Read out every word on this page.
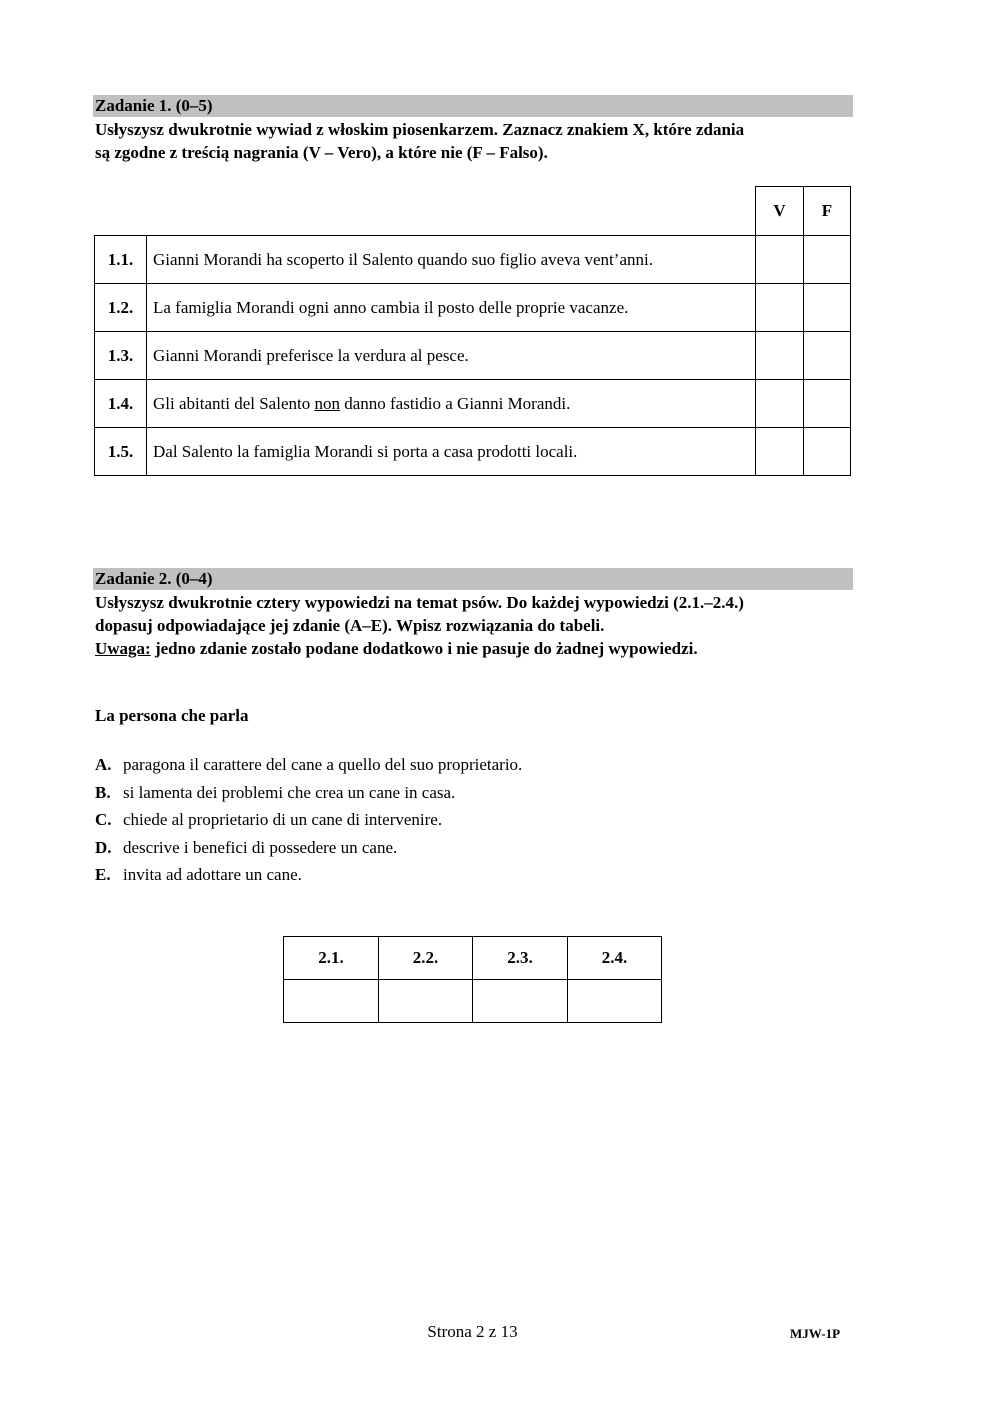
Zadanie 1. (0–5)
Usłyszysz dwukrotnie wywiad z włoskim piosenkarzem. Zaznacz znakiem X, które zdania
są zgodne z treścią nagrania (V – Vero), a które nie (F – Falso).
V	F
1.1.	Gianni Morandi ha scoperto il Salento quando suo figlio aveva vent’anni.
1.2.	La famiglia Morandi ogni anno cambia il posto delle proprie vacanze.
1.3.	Gianni Morandi preferisce la verdura al pesce.
1.4.	Gli abitanti del Salento non danno fastidio a Gianni Morandi.
1.5.	Dal Salento la famiglia Morandi si porta a casa prodotti locali.
Zadanie 2. (0–4)
Usłyszysz dwukrotnie cztery wypowiedzi na temat psów. Do każdej wypowiedzi (2.1.–2.4.)
dopasuj odpowiadające jej zdanie (A–E). Wpisz rozwiązania do tabeli.
Uwaga: jedno zdanie zostało podane dodatkowo i nie pasuje do żadnej wypowiedzi.
La persona che parla
A. paragona il carattere del cane a quello del suo proprietario.
B. si lamenta dei problemi che crea un cane in casa.
C. chiede al proprietario di un cane di intervenire.
D. descrive i benefici di possedere un cane.
E. invita ad adottare un cane.
2.1.	2.2.	2.3.	2.4.
Strona 2 z 13	MJW-1P
